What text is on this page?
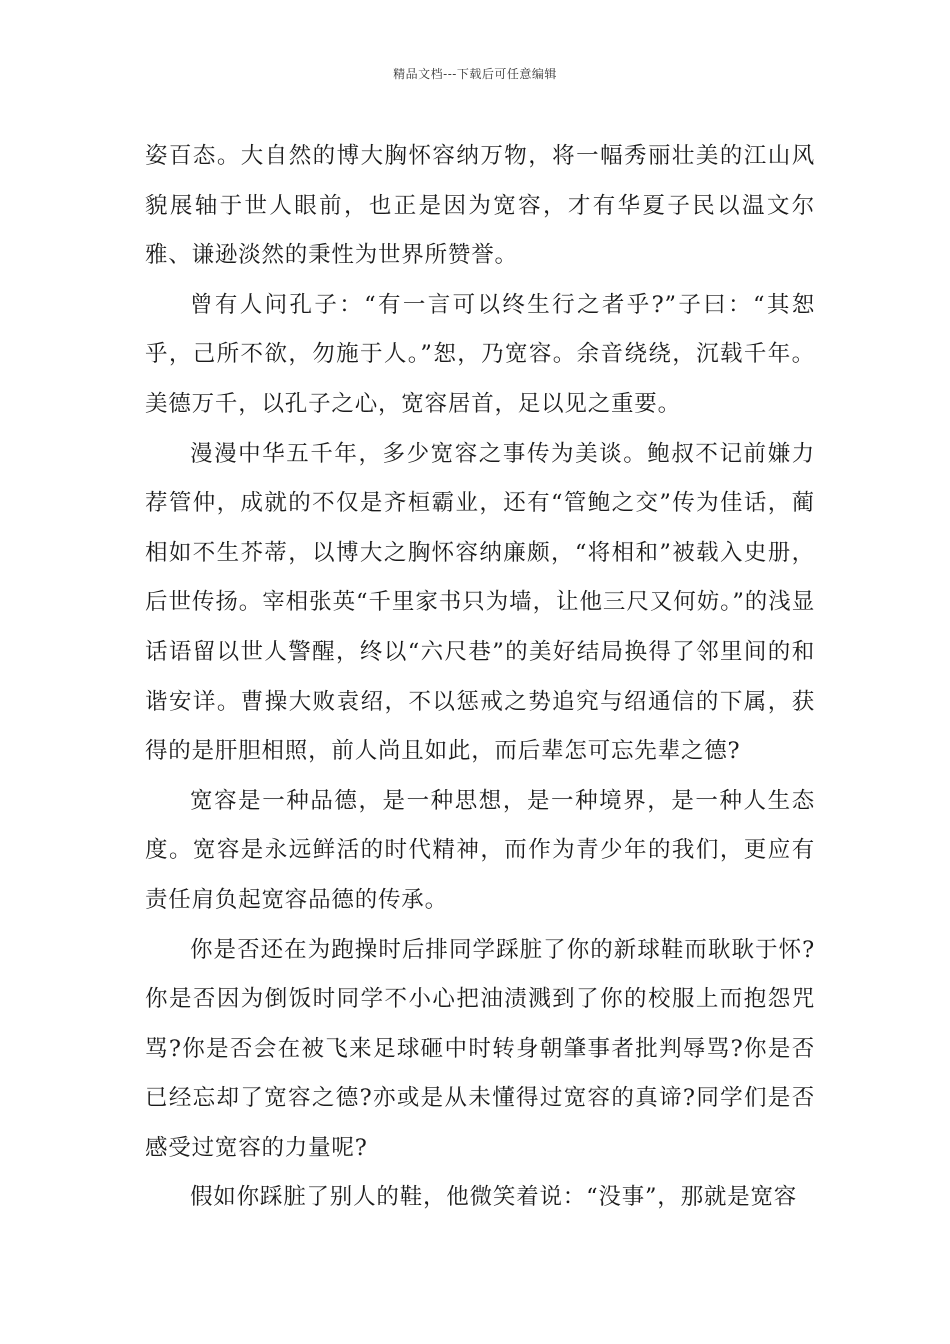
精品文档---下载后可任意编辑

姿百态。大自然的博大胸怀容纳万物，将一幅秀丽壮美的江山风貌展轴于世人眼前，也正是因为宽容，才有华夏子民以温文尔雅、谦逊淡然的秉性为世界所赞誉。

曾有人问孔子：“有一言可以终生行之者乎?”子曰：“其恕乎，己所不欲，勿施于人。”恕，乃宽容。余音绕绕，沉载千年。美德万千，以孔子之心，宽容居首，足以见之重要。

漫漫中华五千年，多少宽容之事传为美谈。鲍叔不记前嫌力荐管仲，成就的不仅是齐桓霸业，还有“管鲍之交”传为佳话，蔺相如不生芥蒂，以博大之胸怀容纳廉颇，“将相和”被载入史册，后世传扬。宰相张英“千里家书只为墙，让他三尺又何妨。”的浅显话语留以世人警醒，终以“六尺巷”的美好结局换得了邻里间的和谐安详。曹操大败袁绍，不以惩戒之势追究与绍通信的下属，获得的是肝胆相照，前人尚且如此，而后辈怎可忘先辈之德?

宽容是一种品德，是一种思想，是一种境界，是一种人生态度。宽容是永远鲜活的时代精神，而作为青少年的我们，更应有责任肩负起宽容品德的传承。

你是否还在为跑操时后排同学踩脏了你的新球鞋而耿耿于怀?你是否因为倒饭时同学不小心把油渍溅到了你的校服上而抱怨咒骂?你是否会在被飞来足球砸中时转身朝肇事者批判辱骂?你是否已经忘却了宽容之德?亦或是从未懂得过宽容的真谛?同学们是否感受过宽容的力量呢?

假如你踩脏了别人的鞋，他微笑着说：“没事”，那就是宽容
